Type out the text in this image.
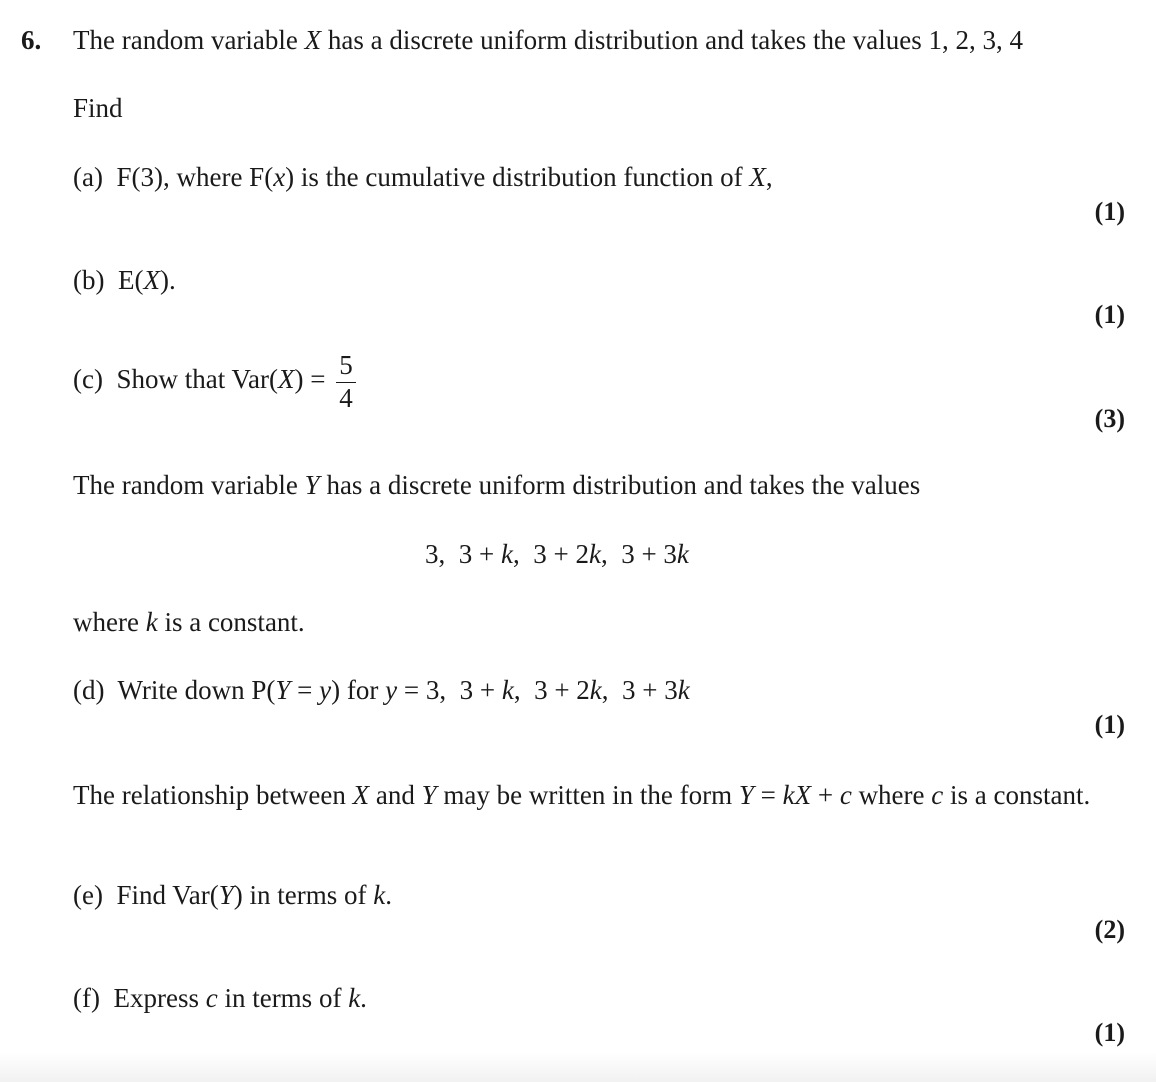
6. The random variable X has a discrete uniform distribution and takes the values 1, 2, 3, 4
Find
(a)  F(3), where F(x) is the cumulative distribution function of X,
(1)
(b)  E(X).
(1)
(c)  Show that $Var(X) = \frac{5}{4}$
(3)
The random variable Y has a discrete uniform distribution and takes the values
3,  3 + k,  3 + 2k,  3 + 3k
where k is a constant.
(d)  Write down P(Y = y) for y = 3,  3 + k,  3 + 2k,  3 + 3k
(1)
The relationship between X and Y may be written in the form Y = kX + c where c is a constant.
(e)  Find Var(Y) in terms of k.
(2)
(f)  Express c in terms of k.
(1)
